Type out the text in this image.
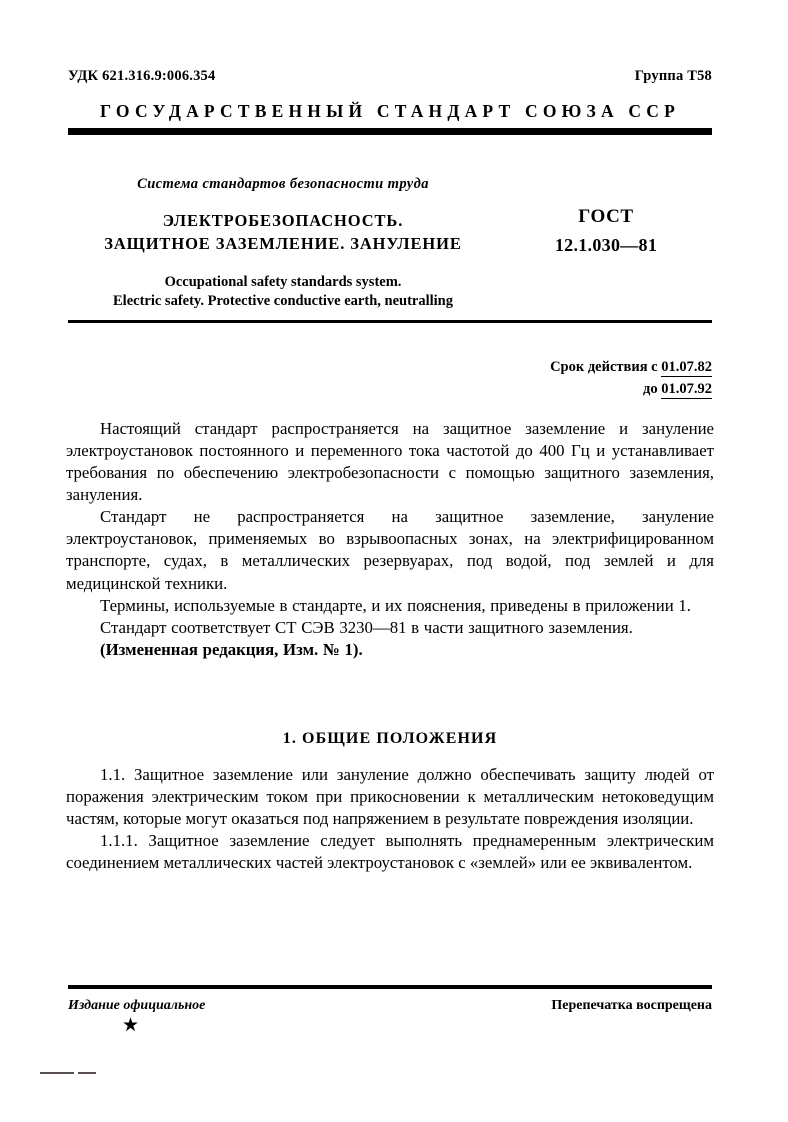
УДК 621.316.9:006.354	Группа Т58
ГОСУДАРСТВЕННЫЙ СТАНДАРТ СОЮЗА ССР
Система стандартов безопасности труда
ЭЛЕКТРОБЕЗОПАСНОСТЬ.
ЗАЩИТНОЕ ЗАЗЕМЛЕНИЕ. ЗАНУЛЕНИЕ
Occupational safety standards system.
Electric safety. Protective conductive earth, neutralling
ГОСТ
12.1.030—81
Срок действия с 01.07.82
до 01.07.92

Настоящий стандарт распространяется на защитное заземление и зануление электроустановок постоянного и переменного тока частотой до 400 Гц и устанавливает требования по обеспечению электробезопасности с помощью защитного заземления, зануления.

Стандарт не распространяется на защитное заземление, зануление электроустановок, применяемых во взрывоопасных зонах, на электрифицированном транспорте, судах, в металлических резервуарах, под водой, под землей и для медицинской техники.

Термины, используемые в стандарте, и их пояснения, приведены в приложении 1.

Стандарт соответствует СТ СЭВ 3230—81 в части защитного заземления.

(Измененная редакция, Изм. № 1).

1. ОБЩИЕ ПОЛОЖЕНИЯ

1.1. Защитное заземление или зануление должно обеспечивать защиту людей от поражения электрическим током при прикосновении к металлическим нетоковедущим частям, которые могут оказаться под напряжением в результате повреждения изоляции.

1.1.1. Защитное заземление следует выполнять преднамеренным электрическим соединением металлических частей электроустановок с «землей» или ее эквивалентом.

Издание официальное	Перепечатка воспрещена
★
